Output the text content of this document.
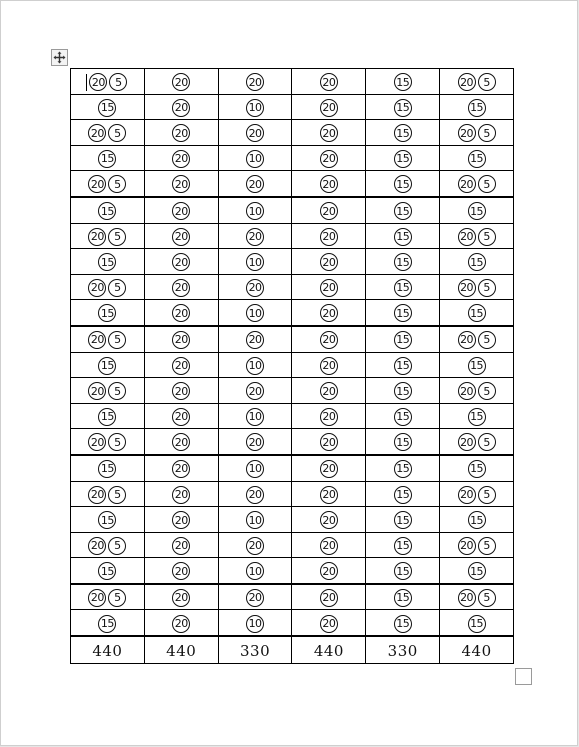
20 5	20	20	20	15	20 5
15	20	10	20	15	15
20 5	20	20	20	15	20 5
15	20	10	20	15	15
20 5	20	20	20	15	20 5
15	20	10	20	15	15
20 5	20	20	20	15	20 5
15	20	10	20	15	15
20 5	20	20	20	15	20 5
15	20	10	20	15	15
20 5	20	20	20	15	20 5
15	20	10	20	15	15
20 5	20	20	20	15	20 5
15	20	10	20	15	15
20 5	20	20	20	15	20 5
15	20	10	20	15	15
20 5	20	20	20	15	20 5
15	20	10	20	15	15
20 5	20	20	20	15	20 5
15	20	10	20	15	15
20 5	20	20	20	15	20 5
15	20	10	20	15	15
440	440	330	440	330	440
